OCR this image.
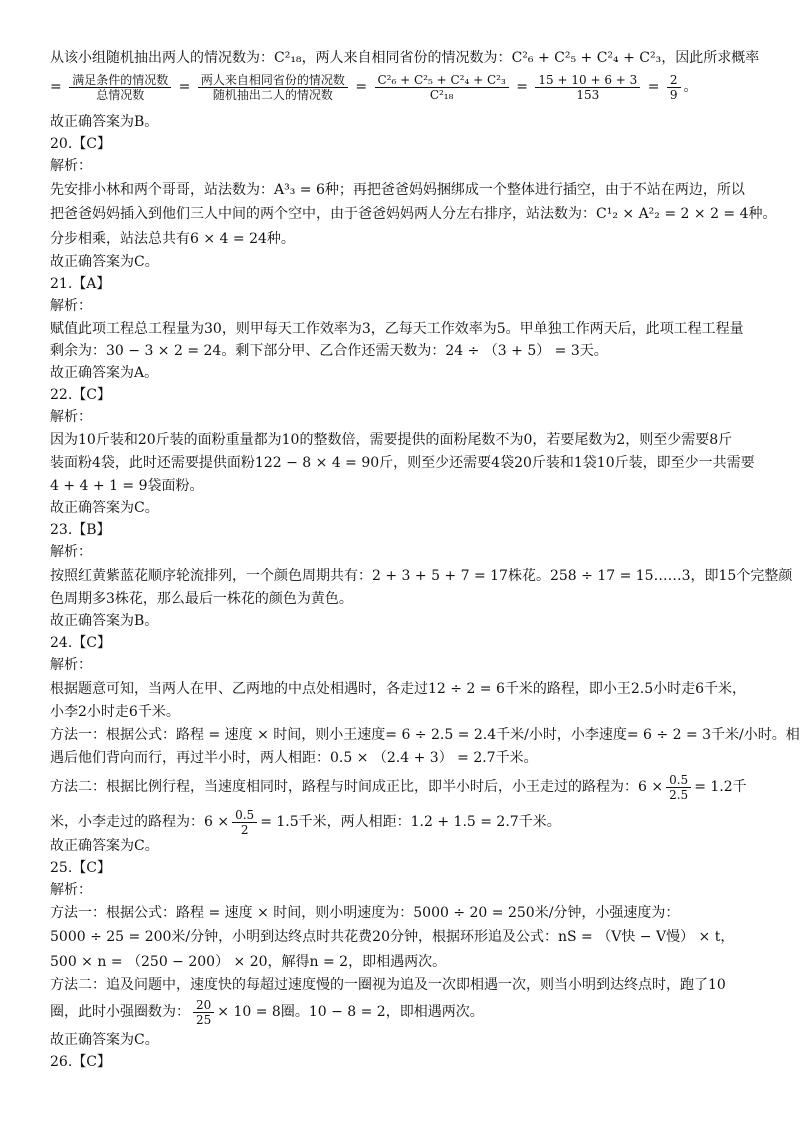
从该小组随机抽出两人的情况数为：C²₁₈，两人来自相同省份的情况数为：C²₆ + C²₅ + C²₄ + C²₃，因此所求概率
= $\frac{\text{满足条件的情况数}}{\text{总情况数}} = \frac{\text{两人来自相同省份的情况数}}{\text{随机抽出二人的情况数}} = \frac{\text{C²₆ + C²₅ + C²₄ + C²₃}}{\text{C²₁₈}} = \frac{15 + 10 + 6 + 3}{153} = \frac{2}{9}$ 。
故正确答案为B。
20.【C】
解析：
先安排小林和两个哥哥，站法数为：A³₃ = 6种；再把爸爸妈妈捆绑成一个整体进行插空，由于不站在两边，所以
把爸爸妈妈插入到他们三人中间的两个空中，由于爸爸妈妈两人分左右排序，站法数为：C¹₂ × A²₂ = 2 × 2 = 4种。
分步相乘，站法总共有6 × 4 = 24种。
故正确答案为C。
21.【A】
解析：
赋值此项工程总工程量为30，则甲每天工作效率为3，乙每天工作效率为5。甲单独工作两天后，此项工程工程量
剩余为：30 − 3 × 2 = 24。剩下部分甲、乙合作还需天数为：24 ÷ （3 + 5） = 3天。
故正确答案为A。
22.【C】
解析：
因为10斤装和20斤装的面粉重量都为10的整数倍，需要提供的面粉尾数不为0，若要尾数为2，则至少需要8斤
装面粉4袋，此时还需要提供面粉122 − 8 × 4 = 90斤，则至少还需要4袋20斤装和1袋10斤装，即至少一共需要
4 + 4 + 1 = 9袋面粉。
故正确答案为C。
23.【B】
解析：
按照红黄紫蓝花顺序轮流排列，一个颜色周期共有：2 + 3 + 5 + 7 = 17株花。258 ÷ 17 = 15……3，即15个完整颜
色周期多3株花，那么最后一株花的颜色为黄色。
故正确答案为B。
24.【C】
解析：
根据题意可知，当两人在甲、乙两地的中点处相遇时，各走过12 ÷ 2 = 6千米的路程，即小王2.5小时走6千米，
小李2小时走6千米。
方法一：根据公式：路程 = 速度 × 时间，则小王速度= 6 ÷ 2.5 = 2.4千米/小时，小李速度= 6 ÷ 2 = 3千米/小时。相
遇后他们背向而行，再过半小时，两人相距：0.5 × （2.4 + 3） = 2.7千米。
方法二：根据比例行程，当速度相同时，路程与时间成正比，即半小时后，小王走过的路程为：$6 \times \frac{0.5}{2.5} = 1.2$千
米，小李走过的路程为：$6 \times \frac{0.5}{2} = 1.5$千米，两人相距：1.2 + 1.5 = 2.7千米。
故正确答案为C。
25.【C】
解析：
方法一：根据公式：路程 = 速度 × 时间，则小明速度为：5000 ÷ 20 = 250米/分钟，小强速度为：
5000 ÷ 25 = 200米/分钟，小明到达终点时共花费20分钟，根据环形追及公式：nS = （V快 − V慢） × t，
500 × n = （250 − 200） × 20，解得n = 2，即相遇两次。
方法二：追及问题中，速度快的每超过速度慢的一圈视为追及一次即相遇一次，则当小明到达终点时，跑了10
圈，此时小强圈数为： $\frac{20}{25} \times 10 = 8$圈。10 − 8 = 2，即相遇两次。
故正确答案为C。
26.【C】
